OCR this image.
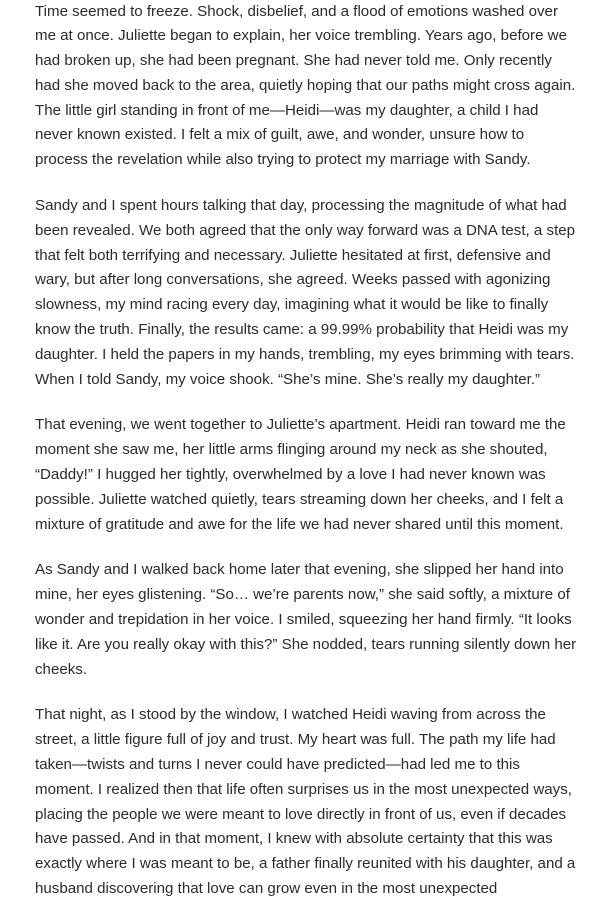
Time seemed to freeze. Shock, disbelief, and a flood of emotions washed over me at once. Juliette began to explain, her voice trembling. Years ago, before we had broken up, she had been pregnant. She had never told me. Only recently had she moved back to the area, quietly hoping that our paths might cross again. The little girl standing in front of me—Heidi—was my daughter, a child I had never known existed. I felt a mix of guilt, awe, and wonder, unsure how to process the revelation while also trying to protect my marriage with Sandy.

Sandy and I spent hours talking that day, processing the magnitude of what had been revealed. We both agreed that the only way forward was a DNA test, a step that felt both terrifying and necessary. Juliette hesitated at first, defensive and wary, but after long conversations, she agreed. Weeks passed with agonizing slowness, my mind racing every day, imagining what it would be like to finally know the truth. Finally, the results came: a 99.99% probability that Heidi was my daughter. I held the papers in my hands, trembling, my eyes brimming with tears. When I told Sandy, my voice shook. “She’s mine. She’s really my daughter.”

That evening, we went together to Juliette’s apartment. Heidi ran toward me the moment she saw me, her little arms flinging around my neck as she shouted, “Daddy!” I hugged her tightly, overwhelmed by a love I had never known was possible. Juliette watched quietly, tears streaming down her cheeks, and I felt a mixture of gratitude and awe for the life we had never shared until this moment.

As Sandy and I walked back home later that evening, she slipped her hand into mine, her eyes glistening. “So… we’re parents now,” she said softly, a mixture of wonder and trepidation in her voice. I smiled, squeezing her hand firmly. “It looks like it. Are you really okay with this?” She nodded, tears running silently down her cheeks.

That night, as I stood by the window, I watched Heidi waving from across the street, a little figure full of joy and trust. My heart was full. The path my life had taken—twists and turns I never could have predicted—had led me to this moment. I realized then that life often surprises us in the most unexpected ways, placing the people we were meant to love directly in front of us, even if decades have passed. And in that moment, I knew with absolute certainty that this was exactly where I was meant to be, a father finally reunited with his daughter, and a husband discovering that love can grow even in the most unexpected
